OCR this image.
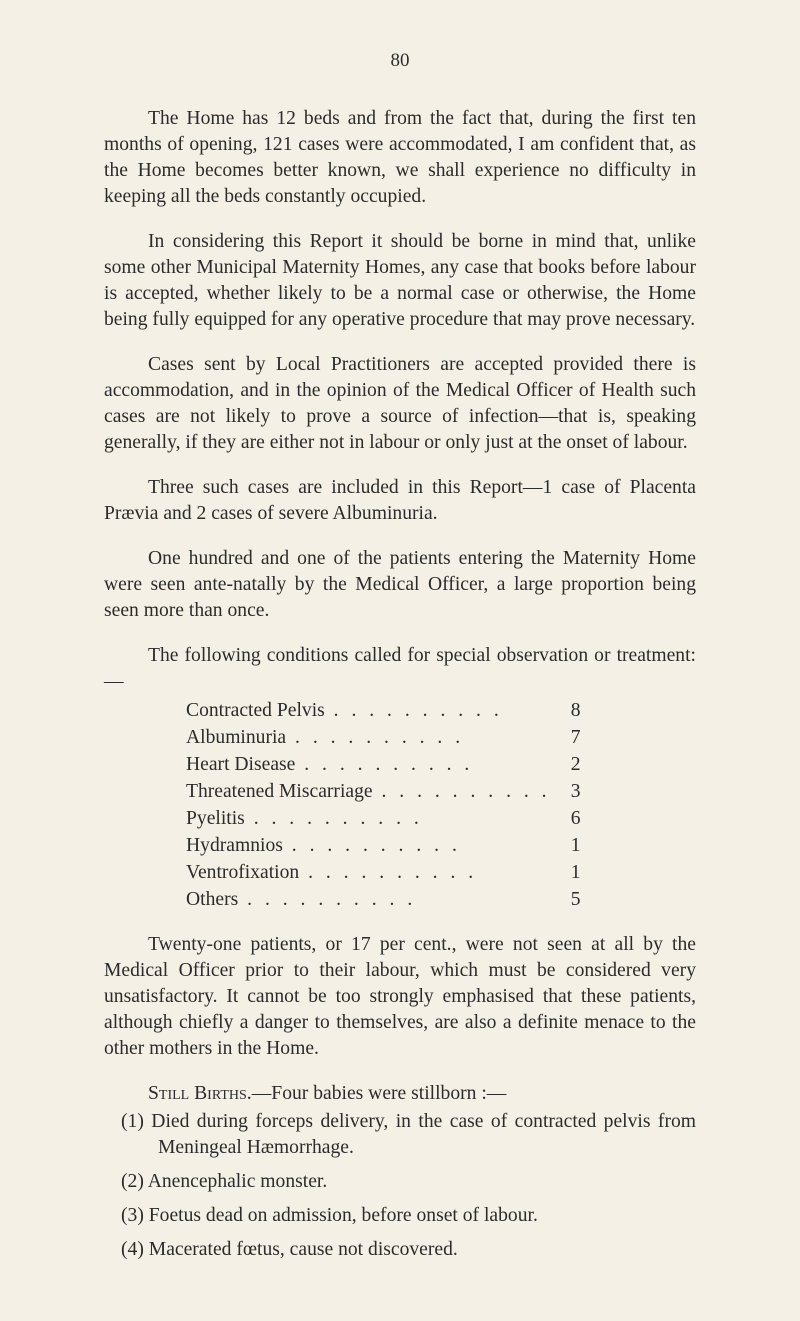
80

The Home has 12 beds and from the fact that, during the first ten months of opening, 121 cases were accommodated, I am confident that, as the Home becomes better known, we shall experience no difficulty in keeping all the beds constantly occupied.

In considering this Report it should be borne in mind that, unlike some other Municipal Maternity Homes, any case that books before labour is accepted, whether likely to be a normal case or otherwise, the Home being fully equipped for any operative procedure that may prove necessary.

Cases sent by Local Practitioners are accepted provided there is accommodation, and in the opinion of the Medical Officer of Health such cases are not likely to prove a source of infection—that is, speaking generally, if they are either not in labour or only just at the onset of labour.

Three such cases are included in this Report—1 case of Placenta Prævia and 2 cases of severe Albuminuria.

One hundred and one of the patients entering the Maternity Home were seen ante-natally by the Medical Officer, a large proportion being seen more than once.

The following conditions called for special observation or treatment:—

Contracted Pelvis . . . . . . . . . .	8
Albuminuria . . . . . . . . . .	7
Heart Disease . . . . . . . . . .	2
Threatened Miscarriage . . . . . . . . . .	3
Pyelitis . . . . . . . . . .	6
Hydramnios . . . . . . . . . .	1
Ventrofixation . . . . . . . . . .	1
Others . . . . . . . . . .	5

Twenty-one patients, or 17 per cent., were not seen at all by the Medical Officer prior to their labour, which must be considered very unsatisfactory. It cannot be too strongly emphasised that these patients, although chiefly a danger to themselves, are also a definite menace to the other mothers in the Home.

Still Births.—Four babies were stillborn :—

(1) Died during forceps delivery, in the case of contracted pelvis from Meningeal Hæmorrhage.
(2) Anencephalic monster.
(3) Foetus dead on admission, before onset of labour.
(4) Macerated fœtus, cause not discovered.
